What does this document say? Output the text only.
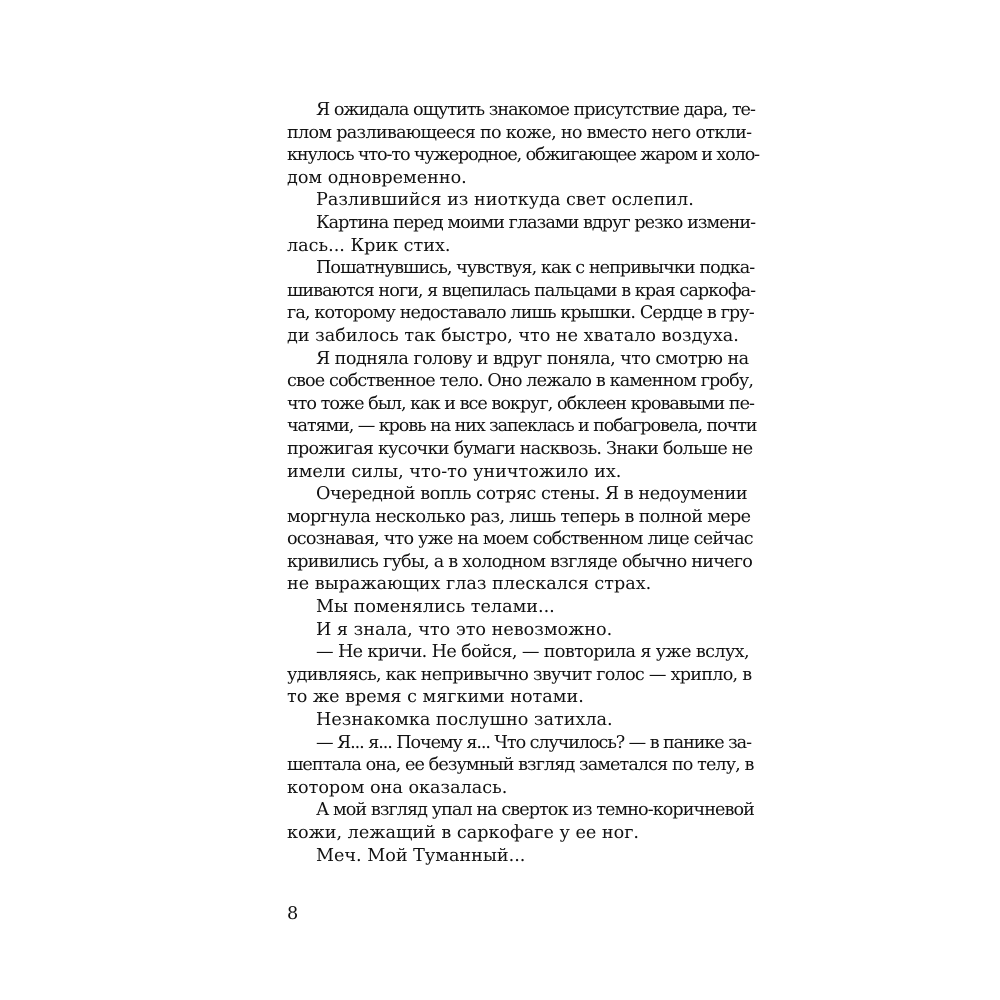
Я ожидала ощутить знакомое присутствие дара, те-
плом разливающееся по коже, но вместо него откли-
кнулось что-то чужеродное, обжигающее жаром и холо-
дом одновременно.
Разлившийся из ниоткуда свет ослепил.
Картина перед моими глазами вдруг резко измени-
лась... Крик стих.
Пошатнувшись, чувствуя, как с непривычки подка-
шиваются ноги, я вцепилась пальцами в края саркофа-
га, которому недоставало лишь крышки. Сердце в гру-
ди забилось так быстро, что не хватало воздуха.
Я подняла голову и вдруг поняла, что смотрю на
свое собственное тело. Оно лежало в каменном гробу,
что тоже был, как и все вокруг, обклеен кровавыми пе-
чатями, — кровь на них запеклась и побагровела, почти
прожигая кусочки бумаги насквозь. Знаки больше не
имели силы, что-то уничтожило их.
Очередной вопль сотряс стены. Я в недоумении
моргнула несколько раз, лишь теперь в полной мере
осознавая, что уже на моем собственном лице сейчас
кривились губы, а в холодном взгляде обычно ничего
не выражающих глаз плескался страх.
Мы поменялись телами...
И я знала, что это невозможно.
— Не кричи. Не бойся, — повторила я уже вслух,
удивляясь, как непривычно звучит голос — хрипло, в
то же время с мягкими нотами.
Незнакомка послушно затихла.
— Я... я... Почему я... Что случилось? — в панике за-
шептала она, ее безумный взгляд заметался по телу, в
котором она оказалась.
А мой взгляд упал на сверток из темно-коричневой
кожи, лежащий в саркофаге у ее ног.
Меч. Мой Туманный...
8
